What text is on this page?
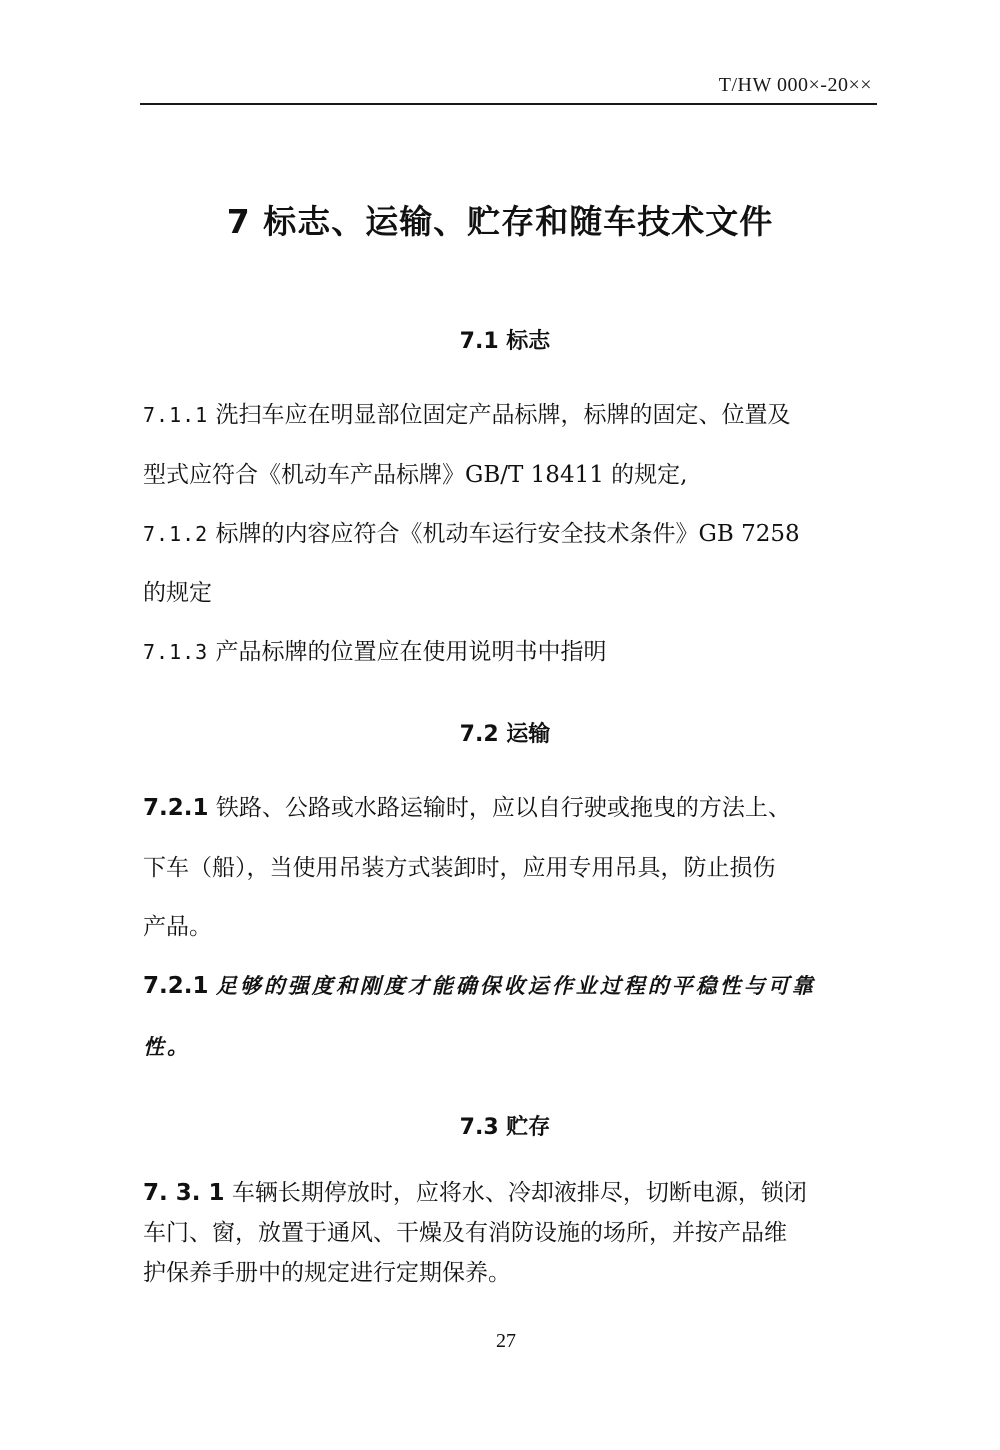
T/HW 000×-20××
7 标志、运输、贮存和随车技术文件
7.1 标志
7.1.1 洗扫车应在明显部位固定产品标牌，标牌的固定、位置及
型式应符合《机动车产品标牌》GB/T 18411 的规定,
7.1.2 标牌的内容应符合《机动车运行安全技术条件》GB 7258
的规定
7.1.3 产品标牌的位置应在使用说明书中指明
7.2 运输
7.2.1 铁路、公路或水路运输时，应以自行驶或拖曳的方法上、
下车（船），当使用吊装方式装卸时，应用专用吊具，防止损伤
产品。
7.2.1 足够的强度和刚度才能确保收运作业过程的平稳性与可靠
性。
7.3 贮存
7. 3. 1 车辆长期停放时，应将水、冷却液排尽，切断电源，锁闭
车门、窗，放置于通风、干燥及有消防设施的场所，并按产品维
护保养手册中的规定进行定期保养。
27
